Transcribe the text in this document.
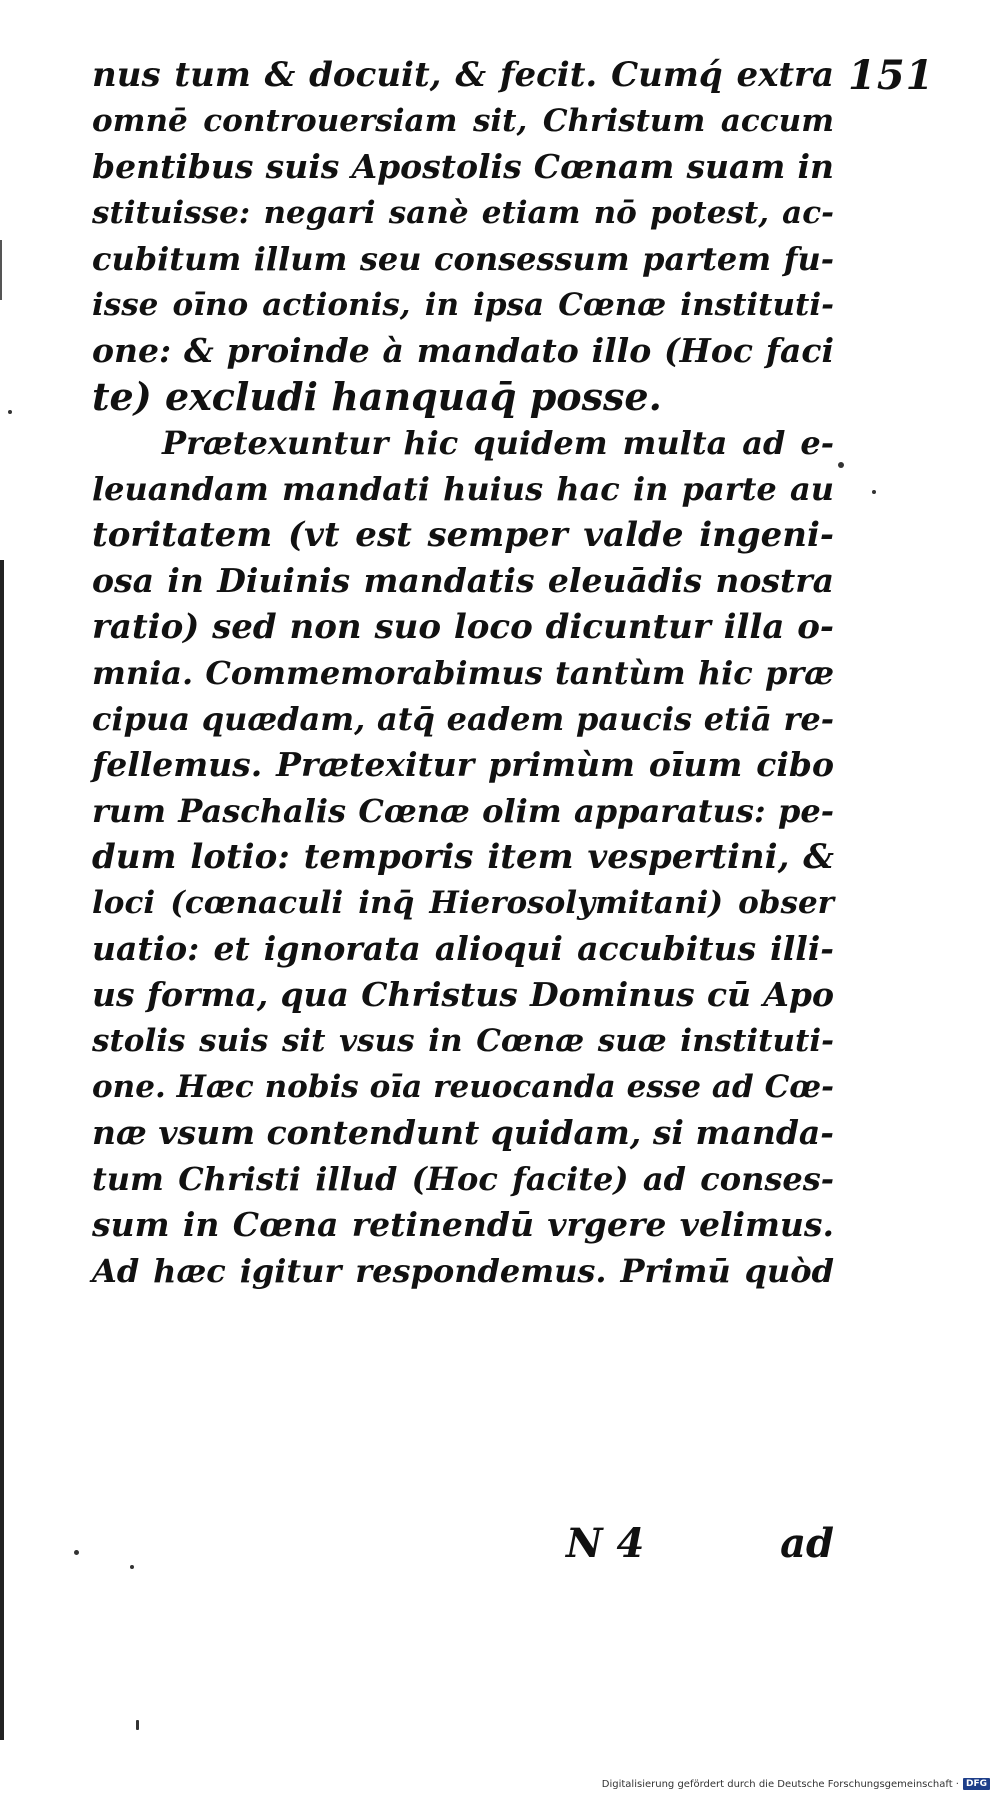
151
nus tum & docuit, & fecit. Cumq́ extra
omnē controuersiam sit, Christum accum
bentibus suis Apostolis Cœnam suam in
stituisse: negari sanè etiam nō potest, ac-
cubitum illum seu consessum partem fu-
isse oīno actionis, in ipsa Cœnæ instituti-
one: & proinde à mandato illo (Hoc faci
te) excludi hanquaq̄ posse.
Prætexuntur hic quidem multa ad e-
leuandam mandati huius hac in parte au
toritatem (vt est semper valde ingeni-
osa in Diuinis mandatis eleuādis nostra
ratio) sed non suo loco dicuntur illa o-
mnia. Commemorabimus tantùm hic præ
cipua quædam, atq̄ eadem paucis etiā re-
fellemus. Prætexitur primùm oīum cibo
rum Paschalis Cœnæ olim apparatus: pe-
dum lotio: temporis item vespertini, &
loci (cœnaculi inq̄ Hierosolymitani) obser
uatio: et ignorata alioqui accubitus illi-
us forma, qua Christus Dominus cū Apo
stolis suis sit vsus in Cœnæ suæ instituti-
one. Hæc nobis oīa reuocanda esse ad Cœ-
næ vsum contendunt quidam, si manda-
tum Christi illud (Hoc facite) ad conses-
sum in Cœna retinendū vrgere velimus.
Ad hæc igitur respondemus. Primū quòd
N 4	ad
Digitalisierung gefördert durch die Deutsche Forschungsgemeinschaft · DFG
